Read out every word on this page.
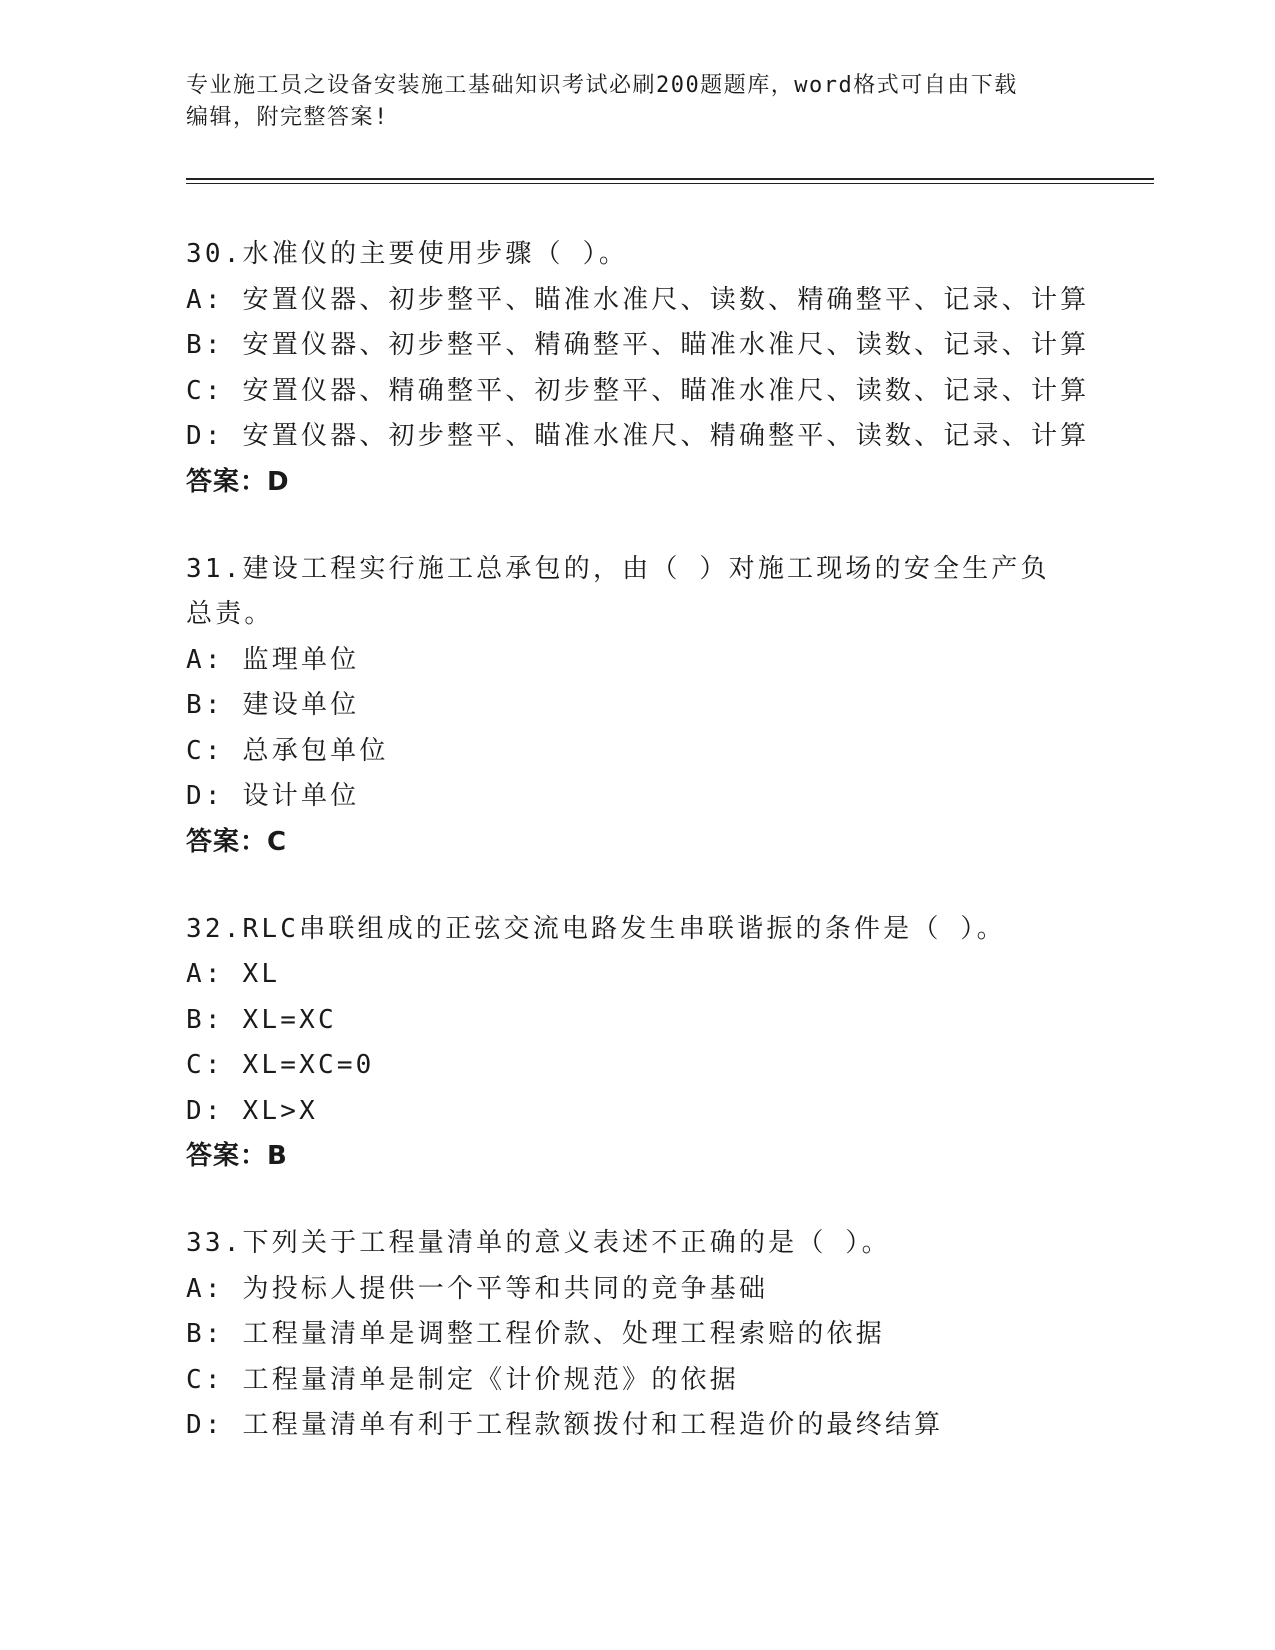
专业施工员之设备安装施工基础知识考试必刷200题题库，word格式可自由下载
编辑，附完整答案!
30.水准仪的主要使用步骤（ ）。
A: 安置仪器、初步整平、瞄准水准尺、读数、精确整平、记录、计算
B: 安置仪器、初步整平、精确整平、瞄准水准尺、读数、记录、计算
C: 安置仪器、精确整平、初步整平、瞄准水准尺、读数、记录、计算
D: 安置仪器、初步整平、瞄准水准尺、精确整平、读数、记录、计算
答案：D
31.建设工程实行施工总承包的，由（ ）对施工现场的安全生产负总责。
A: 监理单位
B: 建设单位
C: 总承包单位
D: 设计单位
答案：C
32.RLC串联组成的正弦交流电路发生串联谐振的条件是（ ）。
A: XL
B: XL=XC
C: XL=XC=0
D: XL>X
答案：B
33.下列关于工程量清单的意义表述不正确的是（ ）。
A: 为投标人提供一个平等和共同的竞争基础
B: 工程量清单是调整工程价款、处理工程索赔的依据
C: 工程量清单是制定《计价规范》的依据
D: 工程量清单有利于工程款额拨付和工程造价的最终结算
